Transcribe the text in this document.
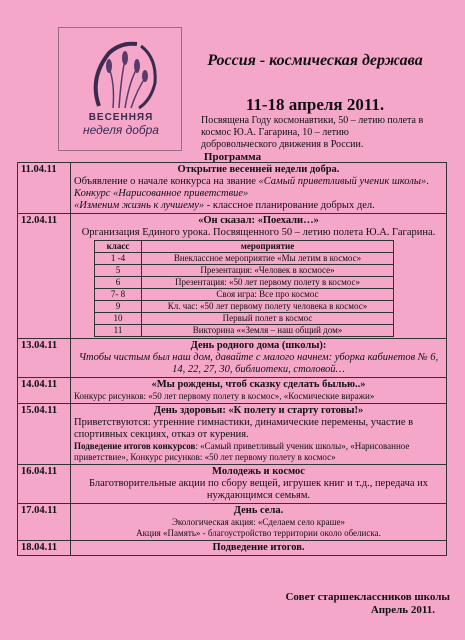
ВЕСЕННЯЯ
неделя добра
Россия - космическая держава
11-18 апреля 2011.
Посвящена Году космонавтики, 50 – летию полета в космос Ю.А. Гагарина, 10 – летию добровольческого движения в России.
Программа
11.04.11	Открытие весенней недели добра.
Объявление о начале конкурса на звание «Самый приветливый ученик школы». Конкурс «Нарисованное приветствие»
«Изменим жизнь к лучшему» - классное планирование добрых дел.

12.04.11	«Он сказал: «Поехали…»
Организация Единого урока. Посвященного 50 – летию полета Ю.А. Гагарина.
класс	мероприятие
1 -4	Внеклассное мероприятие «Мы летим в космос»
5	Презентация: «Человек в космосе»
6	Презентация: «50 лет первому полету в космос»
7- 8	Своя игра: Все про космос
9	Кл. час: «50 лет первому полету человека в космос»
10	Первый полет в космос
11	Викторина ««Земля – наш общий дом»

13.04.11	День родного дома (школы):
Чтобы чистым был наш дом, давайте с малого начнем: уборка кабинетов № 6, 14, 22, 27, 30, библиотеки, столовой…

14.04.11	«Мы рождены, чтоб сказку сделать былью..»
Конкурс рисунков: «50 лет первому полету в космос», «Космические виражи»

15.04.11	День здоровья: «К полету и старту готовы!»
Приветствуются: утренние гимнастики, динамические перемены, участие в спортивных секциях, отказ от курения.
Подведение итогов конкурсов: «Самый приветливый ученик школы», «Нарисованное приветствие», Конкурс рисунков: «50 лет первому полету в космос»

16.04.11	Молодежь и космос
Благотворительные акции по сбору вещей, игрушек книг и т.д., передача их нуждающимся семьям.

17.04.11	День села.
Экологическая акция: «Сделаем село краше»
Акция «Память» - благоустройство территории около обелиска.

18.04.11	Подведение итогов.
Совет старшеклассников школы
Апрель 2011.
